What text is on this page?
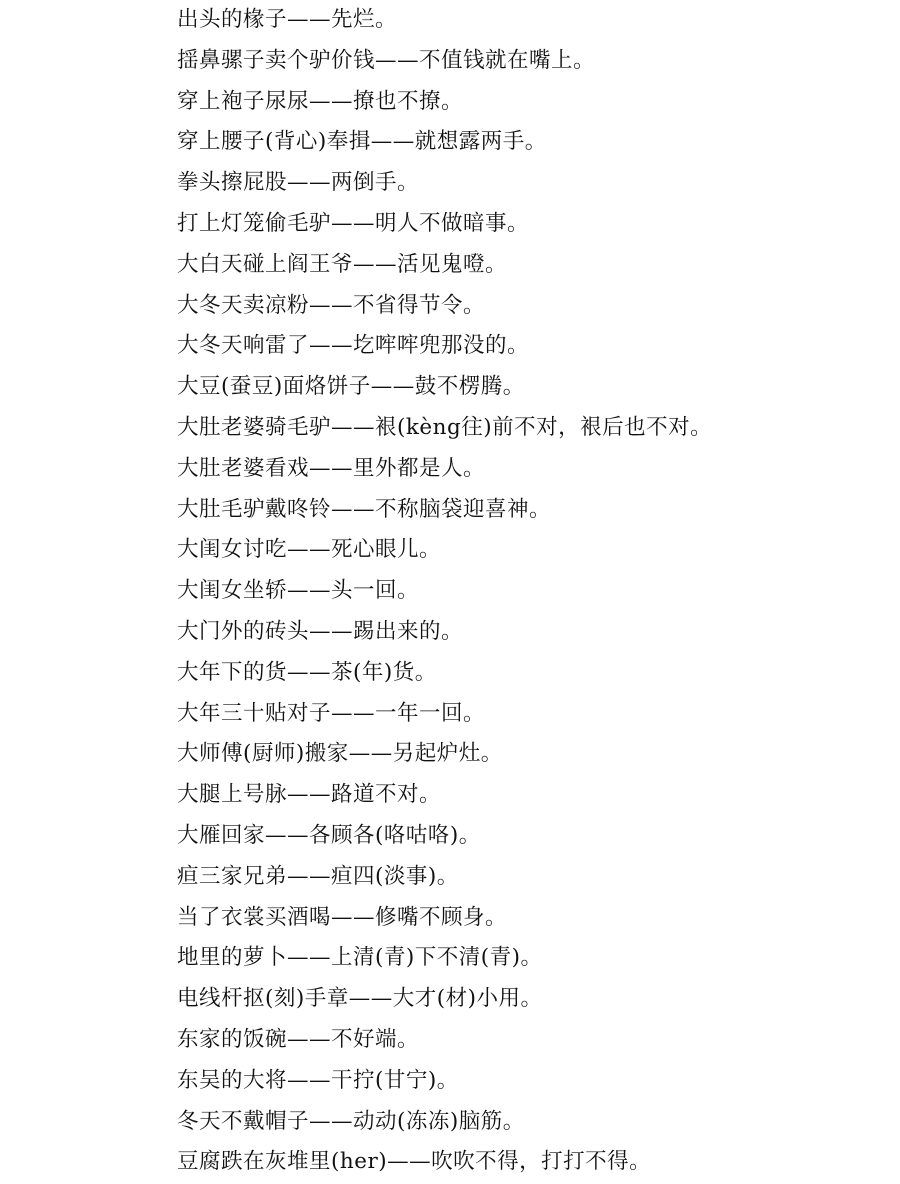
出头的椽子——先烂。
揺鼻骡子卖个驴价钱——不值钱就在嘴上。
穿上袍子尿尿——撩也不撩。
穿上腰子(背心)奉揖——就想露两手。
拳头擦屁股——两倒手。
打上灯笼偷毛驴——明人不做暗事。
大白天碰上阎王爷——活见鬼噔。
大冬天卖凉粉——不省得节令。
大冬天响雷了——圪哰哰兜那没的。
大豆(蚕豆)面烙饼子——鼓不楞腾。
大肚老婆骑毛驴——裉(kèng往)前不对，裉后也不对。
大肚老婆看戏——里外都是人。
大肚毛驴戴咚铃——不称脑袋迎喜神。
大闺女讨吃——死心眼儿。
大闺女坐轿——头一回。
大门外的砖头——踢出来的。
大年下的货——茶(年)货。
大年三十贴对子——一年一回。
大师傅(厨师)搬家——另起炉灶。
大腿上号脉——路道不对。
大雁回家——各顾各(咯咕咯)。
疸三家兄弟——疸四(淡事)。
当了衣裳买酒喝——修嘴不顾身。
地里的萝卜——上清(青)下不清(青)。
电线杆抠(刻)手章——大才(材)小用。
东家的饭碗——不好端。
东吴的大将——干拧(甘宁)。
冬天不戴帽子——动动(冻冻)脑筋。
豆腐跌在灰堆里(her)——吹吹不得，打打不得。
